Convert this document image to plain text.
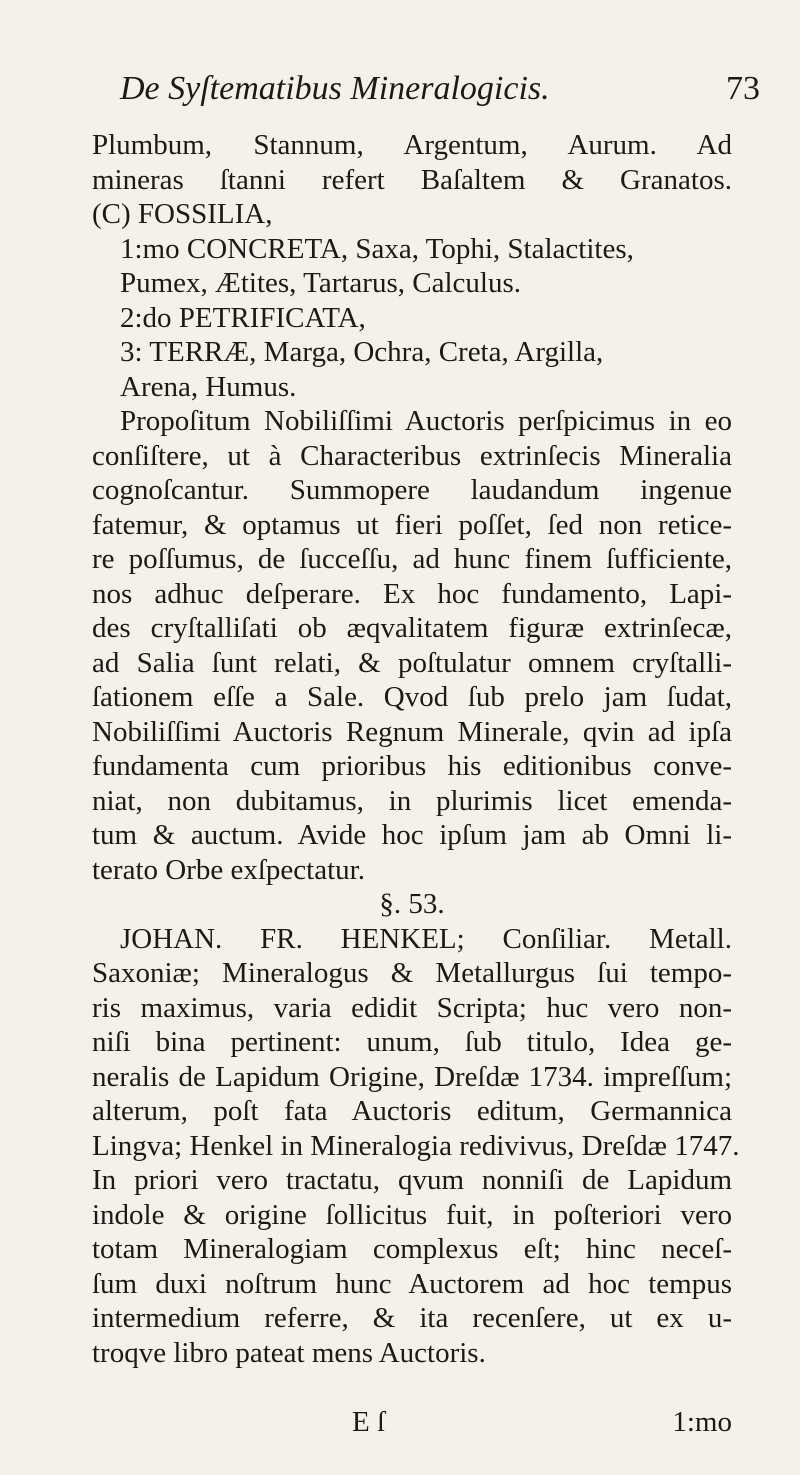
De Syſtematibus Mineralogicis.	73
Plumbum, Stannum, Argentum, Aurum. Ad
mineras ſtanni refert Baſaltem & Granatos.
(C) FOSSILIA,
1:mo CONCRETA, Saxa, Tophi, Stalactites,
Pumex, Ætites, Tartarus, Calculus.
2:do PETRIFICATA,
3: TERRÆ, Marga, Ochra, Creta, Argilla,
Arena, Humus.
Propoſitum Nobiliſſimi Auctoris perſpicimus in eo
conſiſtere, ut à Characteribus extrinſecis Mineralia
cognoſcantur. Summopere laudandum ingenue
fatemur, & optamus ut fieri poſſet, ſed non retice-
re poſſumus, de ſucceſſu, ad hunc finem ſufficiente,
nos adhuc deſperare. Ex hoc fundamento, Lapi-
des cryſtalliſati ob æqvalitatem figuræ extrinſecæ,
ad Salia ſunt relati, & poſtulatur omnem cryſtalli-
ſationem eſſe a Sale. Qvod ſub prelo jam ſudat,
Nobiliſſimi Auctoris Regnum Minerale, qvin ad ipſa
fundamenta cum prioribus his editionibus conve-
niat, non dubitamus, in plurimis licet emenda-
tum & auctum. Avide hoc ipſum jam ab Omni li-
terato Orbe exſpectatur.
§. 53.
JOHAN. FR. HENKEL; Conſiliar. Metall.
Saxoniæ; Mineralogus & Metallurgus ſui tempo-
ris maximus, varia edidit Scripta; huc vero non-
niſi bina pertinent: unum, ſub titulo, Idea ge-
neralis de Lapidum Origine, Dreſdæ 1734. impreſſum;
alterum, poſt fata Auctoris editum, Germannica
Lingva; Henkel in Mineralogia redivivus, Dreſdæ 1747.
In priori vero tractatu, qvum nonniſi de Lapidum
indole & origine ſollicitus fuit, in poſteriori vero
totam Mineralogiam complexus eſt; hinc neceſ-
ſum duxi noſtrum hunc Auctorem ad hoc tempus
intermedium referre, & ita recenſere, ut ex u-
troqve libro pateat mens Auctoris.
E ſ	1:mo
